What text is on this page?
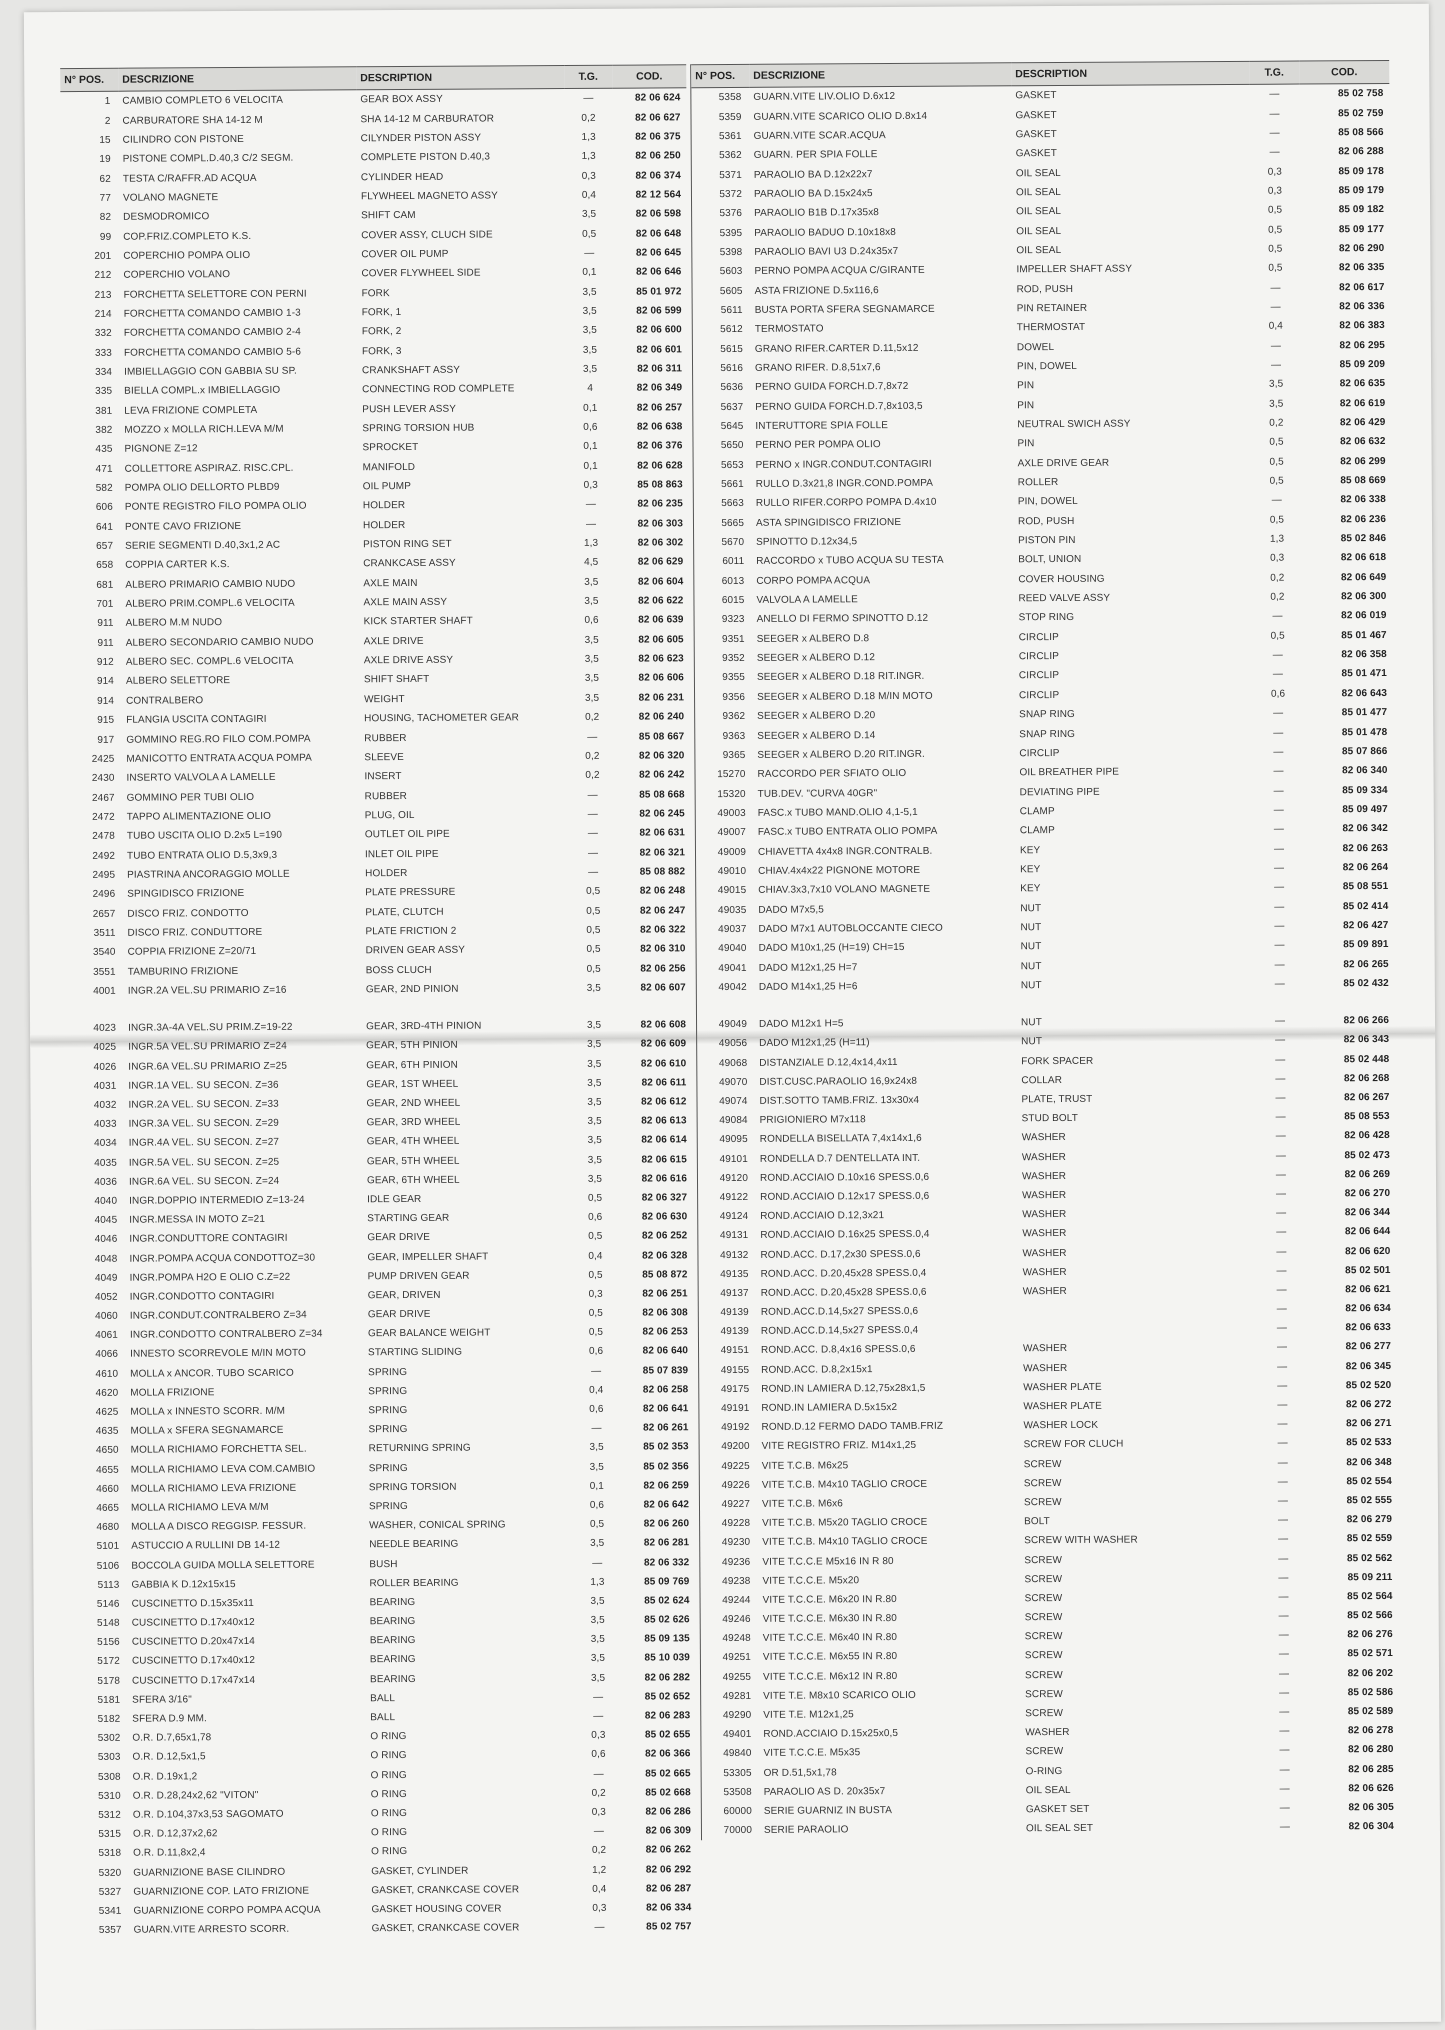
N° POS.	DESCRIZIONE	DESCRIPTION	T.G.	COD.
1	CAMBIO COMPLETO 6 VELOCITA	GEAR BOX ASSY	—	82 06 624
2	CARBURATORE SHA 14-12 M	SHA 14-12 M CARBURATOR	0,2	82 06 627
15	CILINDRO CON PISTONE	CILYNDER PISTON ASSY	1,3	82 06 375
19	PISTONE COMPL.D.40,3 C/2 SEGM.	COMPLETE PISTON D.40,3	1,3	82 06 250
62	TESTA C/RAFFR.AD ACQUA	CYLINDER HEAD	0,3	82 06 374
77	VOLANO MAGNETE	FLYWHEEL MAGNETO ASSY	0,4	82 12 564
82	DESMODROMICO	SHIFT CAM	3,5	82 06 598
99	COP.FRIZ.COMPLETO K.S.	COVER ASSY, CLUCH SIDE	0,5	82 06 648
201	COPERCHIO POMPA OLIO	COVER OIL PUMP	—	82 06 645
212	COPERCHIO VOLANO	COVER FLYWHEEL SIDE	0,1	82 06 646
213	FORCHETTA SELETTORE CON PERNI	FORK	3,5	85 01 972
214	FORCHETTA COMANDO CAMBIO 1-3	FORK, 1	3,5	82 06 599
332	FORCHETTA COMANDO CAMBIO 2-4	FORK, 2	3,5	82 06 600
333	FORCHETTA COMANDO CAMBIO 5-6	FORK, 3	3,5	82 06 601
334	IMBIELLAGGIO CON GABBIA SU SP.	CRANKSHAFT ASSY	3,5	82 06 311
335	BIELLA COMPL.x IMBIELLAGGIO	CONNECTING ROD COMPLETE	4	82 06 349
381	LEVA FRIZIONE COMPLETA	PUSH LEVER ASSY	0,1	82 06 257
382	MOZZO x MOLLA RICH.LEVA M/M	SPRING TORSION HUB	0,6	82 06 638
435	PIGNONE Z=12	SPROCKET	0,1	82 06 376
471	COLLETTORE ASPIRAZ. RISC.CPL.	MANIFOLD	0,1	82 06 628
582	POMPA OLIO DELLORTO PLBD9	OIL PUMP	0,3	85 08 863
606	PONTE REGISTRO FILO POMPA OLIO	HOLDER	—	82 06 235
641	PONTE CAVO FRIZIONE	HOLDER	—	82 06 303
657	SERIE SEGMENTI D.40,3x1,2 AC	PISTON RING SET	1,3	82 06 302
658	COPPIA CARTER K.S.	CRANKCASE ASSY	4,5	82 06 629
681	ALBERO PRIMARIO CAMBIO NUDO	AXLE MAIN	3,5	82 06 604
701	ALBERO PRIM.COMPL.6 VELOCITA	AXLE MAIN ASSY	3,5	82 06 622
911	ALBERO M.M NUDO	KICK STARTER SHAFT	0,6	82 06 639
911	ALBERO SECONDARIO CAMBIO NUDO	AXLE DRIVE	3,5	82 06 605
912	ALBERO SEC. COMPL.6 VELOCITA	AXLE DRIVE ASSY	3,5	82 06 623
914	ALBERO SELETTORE	SHIFT SHAFT	3,5	82 06 606
914	CONTRALBERO	WEIGHT	3,5	82 06 231
915	FLANGIA USCITA CONTAGIRI	HOUSING, TACHOMETER GEAR	0,2	82 06 240
917	GOMMINO REG.RO FILO COM.POMPA	RUBBER	—	85 08 667
2425	MANICOTTO ENTRATA ACQUA POMPA	SLEEVE	0,2	82 06 320
2430	INSERTO VALVOLA A LAMELLE	INSERT	0,2	82 06 242
2467	GOMMINO PER TUBI OLIO	RUBBER	—	85 08 668
2472	TAPPO ALIMENTAZIONE OLIO	PLUG, OIL	—	82 06 245
2478	TUBO USCITA OLIO D.2x5 L=190	OUTLET OIL PIPE	—	82 06 631
2492	TUBO ENTRATA OLIO D.5,3x9,3	INLET OIL PIPE	—	82 06 321
2495	PIASTRINA ANCORAGGIO MOLLE	HOLDER	—	85 08 882
2496	SPINGIDISCO FRIZIONE	PLATE PRESSURE	0,5	82 06 248
2657	DISCO FRIZ. CONDOTTO	PLATE, CLUTCH	0,5	82 06 247
3511	DISCO FRIZ. CONDUTTORE	PLATE FRICTION 2	0,5	82 06 322
3540	COPPIA FRIZIONE Z=20/71	DRIVEN GEAR ASSY	0,5	82 06 310
3551	TAMBURINO FRIZIONE	BOSS CLUCH	0,5	82 06 256
4001	INGR.2A VEL.SU PRIMARIO Z=16	GEAR, 2ND PINION	3,5	82 06 607

4023	INGR.3A-4A VEL.SU PRIM.Z=19-22	GEAR, 3RD-4TH PINION	3,5	82 06 608
4025	INGR.5A VEL.SU PRIMARIO Z=24	GEAR, 5TH PINION	3,5	82 06 609
4026	INGR.6A VEL.SU PRIMARIO Z=25	GEAR, 6TH PINION	3,5	82 06 610
4031	INGR.1A VEL. SU SECON. Z=36	GEAR, 1ST WHEEL	3,5	82 06 611
4032	INGR.2A VEL. SU SECON. Z=33	GEAR, 2ND WHEEL	3,5	82 06 612
4033	INGR.3A VEL. SU SECON. Z=29	GEAR, 3RD WHEEL	3,5	82 06 613
4034	INGR.4A VEL. SU SECON. Z=27	GEAR, 4TH WHEEL	3,5	82 06 614
4035	INGR.5A VEL. SU SECON. Z=25	GEAR, 5TH WHEEL	3,5	82 06 615
4036	INGR.6A VEL. SU SECON. Z=24	GEAR, 6TH WHEEL	3,5	82 06 616
4040	INGR.DOPPIO INTERMEDIO Z=13-24	IDLE GEAR	0,5	82 06 327
4045	INGR.MESSA IN MOTO Z=21	STARTING GEAR	0,6	82 06 630
4046	INGR.CONDUTTORE CONTAGIRI	GEAR DRIVE	0,5	82 06 252
4048	INGR.POMPA ACQUA CONDOTTOZ=30	GEAR, IMPELLER SHAFT	0,4	82 06 328
4049	INGR.POMPA H2O E OLIO C.Z=22	PUMP DRIVEN GEAR	0,5	85 08 872
4052	INGR.CONDOTTO CONTAGIRI	GEAR, DRIVEN	0,3	82 06 251
4060	INGR.CONDUT.CONTRALBERO Z=34	GEAR DRIVE	0,5	82 06 308
4061	INGR.CONDOTTO CONTRALBERO Z=34	GEAR BALANCE WEIGHT	0,5	82 06 253
4066	INNESTO SCORREVOLE M/IN MOTO	STARTING SLIDING	0,6	82 06 640
4610	MOLLA x ANCOR. TUBO SCARICO	SPRING	—	85 07 839
4620	MOLLA FRIZIONE	SPRING	0,4	82 06 258
4625	MOLLA x INNESTO SCORR. M/M	SPRING	0,6	82 06 641
4635	MOLLA x SFERA SEGNAMARCE	SPRING	—	82 06 261
4650	MOLLA RICHIAMO FORCHETTA SEL.	RETURNING SPRING	3,5	85 02 353
4655	MOLLA RICHIAMO LEVA COM.CAMBIO	SPRING	3,5	85 02 356
4660	MOLLA RICHIAMO LEVA FRIZIONE	SPRING TORSION	0,1	82 06 259
4665	MOLLA RICHIAMO LEVA M/M	SPRING	0,6	82 06 642
4680	MOLLA A DISCO REGGISP. FESSUR.	WASHER, CONICAL SPRING	0,5	82 06 260
5101	ASTUCCIO A RULLINI DB 14-12	NEEDLE BEARING	3,5	82 06 281
5106	BOCCOLA GUIDA MOLLA SELETTORE	BUSH	—	82 06 332
5113	GABBIA K D.12x15x15	ROLLER BEARING	1,3	85 09 769
5146	CUSCINETTO D.15x35x11	BEARING	3,5	85 02 624
5148	CUSCINETTO D.17x40x12	BEARING	3,5	85 02 626
5156	CUSCINETTO D.20x47x14	BEARING	3,5	85 09 135
5172	CUSCINETTO D.17x40x12	BEARING	3,5	85 10 039
5178	CUSCINETTO D.17x47x14	BEARING	3,5	82 06 282
5181	SFERA 3/16"	BALL	—	85 02 652
5182	SFERA D.9 MM.	BALL	—	82 06 283
5302	O.R. D.7,65x1,78	O RING	0,3	85 02 655
5303	O.R. D.12,5x1,5	O RING	0,6	82 06 366
5308	O.R. D.19x1,2	O RING	—	85 02 665
5310	O.R. D.28,24x2,62 "VITON"	O RING	0,2	85 02 668
5312	O.R. D.104,37x3,53 SAGOMATO	O RING	0,3	82 06 286
5315	O.R. D.12,37x2,62	O RING	—	82 06 309
5318	O.R. D.11,8x2,4	O RING	0,2	82 06 262
5320	GUARNIZIONE BASE CILINDRO	GASKET, CYLINDER	1,2	82 06 292
5327	GUARNIZIONE COP. LATO FRIZIONE	GASKET, CRANKCASE COVER	0,4	82 06 287
5341	GUARNIZIONE CORPO POMPA ACQUA	GASKET HOUSING COVER	0,3	82 06 334
5357	GUARN.VITE ARRESTO SCORR.	GASKET, CRANKCASE COVER	—	85 02 757
N° POS.	DESCRIZIONE	DESCRIPTION	T.G.	COD.
5358	GUARN.VITE LIV.OLIO D.6x12	GASKET	—	85 02 758
5359	GUARN.VITE SCARICO OLIO D.8x14	GASKET	—	85 02 759
5361	GUARN.VITE SCAR.ACQUA	GASKET	—	85 08 566
5362	GUARN. PER SPIA FOLLE	GASKET	—	82 06 288
5371	PARAOLIO BA D.12x22x7	OIL SEAL	0,3	85 09 178
5372	PARAOLIO BA D.15x24x5	OIL SEAL	0,3	85 09 179
5376	PARAOLIO B1B D.17x35x8	OIL SEAL	0,5	85 09 182
5395	PARAOLIO BADUO D.10x18x8	OIL SEAL	0,5	85 09 177
5398	PARAOLIO BAVI U3 D.24x35x7	OIL SEAL	0,5	82 06 290
5603	PERNO POMPA ACQUA C/GIRANTE	IMPELLER SHAFT ASSY	0,5	82 06 335
5605	ASTA FRIZIONE D.5x116,6	ROD, PUSH	—	82 06 617
5611	BUSTA PORTA SFERA SEGNAMARCE	PIN RETAINER	—	82 06 336
5612	TERMOSTATO	THERMOSTAT	0,4	82 06 383
5615	GRANO RIFER.CARTER D.11,5x12	DOWEL	—	82 06 295
5616	GRANO RIFER. D.8,51x7,6	PIN, DOWEL	—	85 09 209
5636	PERNO GUIDA FORCH.D.7,8x72	PIN	3,5	82 06 635
5637	PERNO GUIDA FORCH.D.7,8x103,5	PIN	3,5	82 06 619
5645	INTERUTTORE SPIA FOLLE	NEUTRAL SWICH ASSY	0,2	82 06 429
5650	PERNO PER POMPA OLIO	PIN	0,5	82 06 632
5653	PERNO x INGR.CONDUT.CONTAGIRI	AXLE DRIVE GEAR	0,5	82 06 299
5661	RULLO D.3x21,8 INGR.COND.POMPA	ROLLER	0,5	85 08 669
5663	RULLO RIFER.CORPO POMPA D.4x10	PIN, DOWEL	—	82 06 338
5665	ASTA SPINGIDISCO FRIZIONE	ROD, PUSH	0,5	82 06 236
5670	SPINOTTO D.12x34,5	PISTON PIN	1,3	85 02 846
6011	RACCORDO x TUBO ACQUA SU TESTA	BOLT, UNION	0,3	82 06 618
6013	CORPO POMPA ACQUA	COVER HOUSING	0,2	82 06 649
6015	VALVOLA A LAMELLE	REED VALVE ASSY	0,2	82 06 300
9323	ANELLO DI FERMO SPINOTTO D.12	STOP RING	—	82 06 019
9351	SEEGER x ALBERO D.8	CIRCLIP	0,5	85 01 467
9352	SEEGER x ALBERO D.12	CIRCLIP	—	82 06 358
9355	SEEGER x ALBERO D.18 RIT.INGR.	CIRCLIP	—	85 01 471
9356	SEEGER x ALBERO D.18 M/IN MOTO	CIRCLIP	0,6	82 06 643
9362	SEEGER x ALBERO D.20	SNAP RING	—	85 01 477
9363	SEEGER x ALBERO D.14	SNAP RING	—	85 01 478
9365	SEEGER x ALBERO D.20 RIT.INGR.	CIRCLIP	—	85 07 866
15270	RACCORDO PER SFIATO OLIO	OIL BREATHER PIPE	—	82 06 340
15320	TUB.DEV. "CURVA 40GR"	DEVIATING PIPE	—	85 09 334
49003	FASC.x TUBO MAND.OLIO 4,1-5,1	CLAMP	—	85 09 497
49007	FASC.x TUBO ENTRATA OLIO POMPA	CLAMP	—	82 06 342
49009	CHIAVETTA 4x4x8 INGR.CONTRALB.	KEY	—	82 06 263
49010	CHIAV.4x4x22 PIGNONE MOTORE	KEY	—	82 06 264
49015	CHIAV.3x3,7x10 VOLANO MAGNETE	KEY	—	85 08 551
49035	DADO M7x5,5	NUT	—	85 02 414
49037	DADO M7x1 AUTOBLOCCANTE CIECO	NUT	—	82 06 427
49040	DADO M10x1,25 (H=19) CH=15	NUT	—	85 09 891
49041	DADO M12x1,25 H=7	NUT	—	82 06 265
49042	DADO M14x1,25 H=6	NUT	—	85 02 432

49049	DADO M12x1 H=5	NUT	—	82 06 266
49056	DADO M12x1,25 (H=11)	NUT	—	82 06 343
49068	DISTANZIALE D.12,4x14,4x11	FORK SPACER	—	85 02 448
49070	DIST.CUSC.PARAOLIO 16,9x24x8	COLLAR	—	82 06 268
49074	DIST.SOTTO TAMB.FRIZ. 13x30x4	PLATE, TRUST	—	82 06 267
49084	PRIGIONIERO M7x118	STUD BOLT	—	85 08 553
49095	RONDELLA BISELLATA 7,4x14x1,6	WASHER	—	82 06 428
49101	RONDELLA D.7 DENTELLATA INT.	WASHER	—	85 02 473
49120	ROND.ACCIAIO D.10x16 SPESS.0,6	WASHER	—	82 06 269
49122	ROND.ACCIAIO D.12x17 SPESS.0,6	WASHER	—	82 06 270
49124	ROND.ACCIAIO D.12,3x21	WASHER	—	82 06 344
49131	ROND.ACCIAIO D.16x25 SPESS.0,4	WASHER	—	82 06 644
49132	ROND.ACC. D.17,2x30 SPESS.0,6	WASHER	—	82 06 620
49135	ROND.ACC. D.20,45x28 SPESS.0,4	WASHER	—	85 02 501
49137	ROND.ACC. D.20,45x28 SPESS.0,6	WASHER	—	82 06 621
49139	ROND.ACC.D.14,5x27 SPESS.0,6		—	82 06 634
49139	ROND.ACC.D.14,5x27 SPESS.0,4		—	82 06 633
49151	ROND.ACC. D.8,4x16 SPESS.0,6	WASHER	—	82 06 277
49155	ROND.ACC. D.8,2x15x1	WASHER	—	82 06 345
49175	ROND.IN LAMIERA D.12,75x28x1,5	WASHER PLATE	—	85 02 520
49191	ROND.IN LAMIERA D.5x15x2	WASHER PLATE	—	82 06 272
49192	ROND.D.12 FERMO DADO TAMB.FRIZ	WASHER LOCK	—	82 06 271
49200	VITE REGISTRO FRIZ. M14x1,25	SCREW FOR CLUCH	—	85 02 533
49225	VITE T.C.B. M6x25	SCREW	—	82 06 348
49226	VITE T.C.B. M4x10 TAGLIO CROCE	SCREW	—	85 02 554
49227	VITE T.C.B. M6x6	SCREW	—	85 02 555
49228	VITE T.C.B. M5x20 TAGLIO CROCE	BOLT	—	82 06 279
49230	VITE T.C.B. M4x10 TAGLIO CROCE	SCREW WITH WASHER	—	85 02 559
49236	VITE T.C.C.E M5x16 IN R 80	SCREW	—	85 02 562
49238	VITE T.C.C.E. M5x20	SCREW	—	85 09 211
49244	VITE T.C.C.E. M6x20 IN R.80	SCREW	—	85 02 564
49246	VITE T.C.C.E. M6x30 IN R.80	SCREW	—	85 02 566
49248	VITE T.C.C.E. M6x40 IN R.80	SCREW	—	82 06 276
49251	VITE T.C.C.E. M6x55 IN R.80	SCREW	—	85 02 571
49255	VITE T.C.C.E. M6x12 IN R.80	SCREW	—	82 06 202
49281	VITE T.E. M8x10 SCARICO OLIO	SCREW	—	85 02 586
49290	VITE T.E. M12x1,25	SCREW	—	85 02 589
49401	ROND.ACCIAIO D.15x25x0,5	WASHER	—	82 06 278
49840	VITE T.C.C.E. M5x35	SCREW	—	82 06 280
53305	OR D.51,5x1,78	O-RING	—	82 06 285
53508	PARAOLIO AS D. 20x35x7	OIL SEAL	—	82 06 626
60000	SERIE GUARNIZ IN BUSTA	GASKET SET	—	82 06 305
70000	SERIE PARAOLIO	OIL SEAL SET	—	82 06 304
